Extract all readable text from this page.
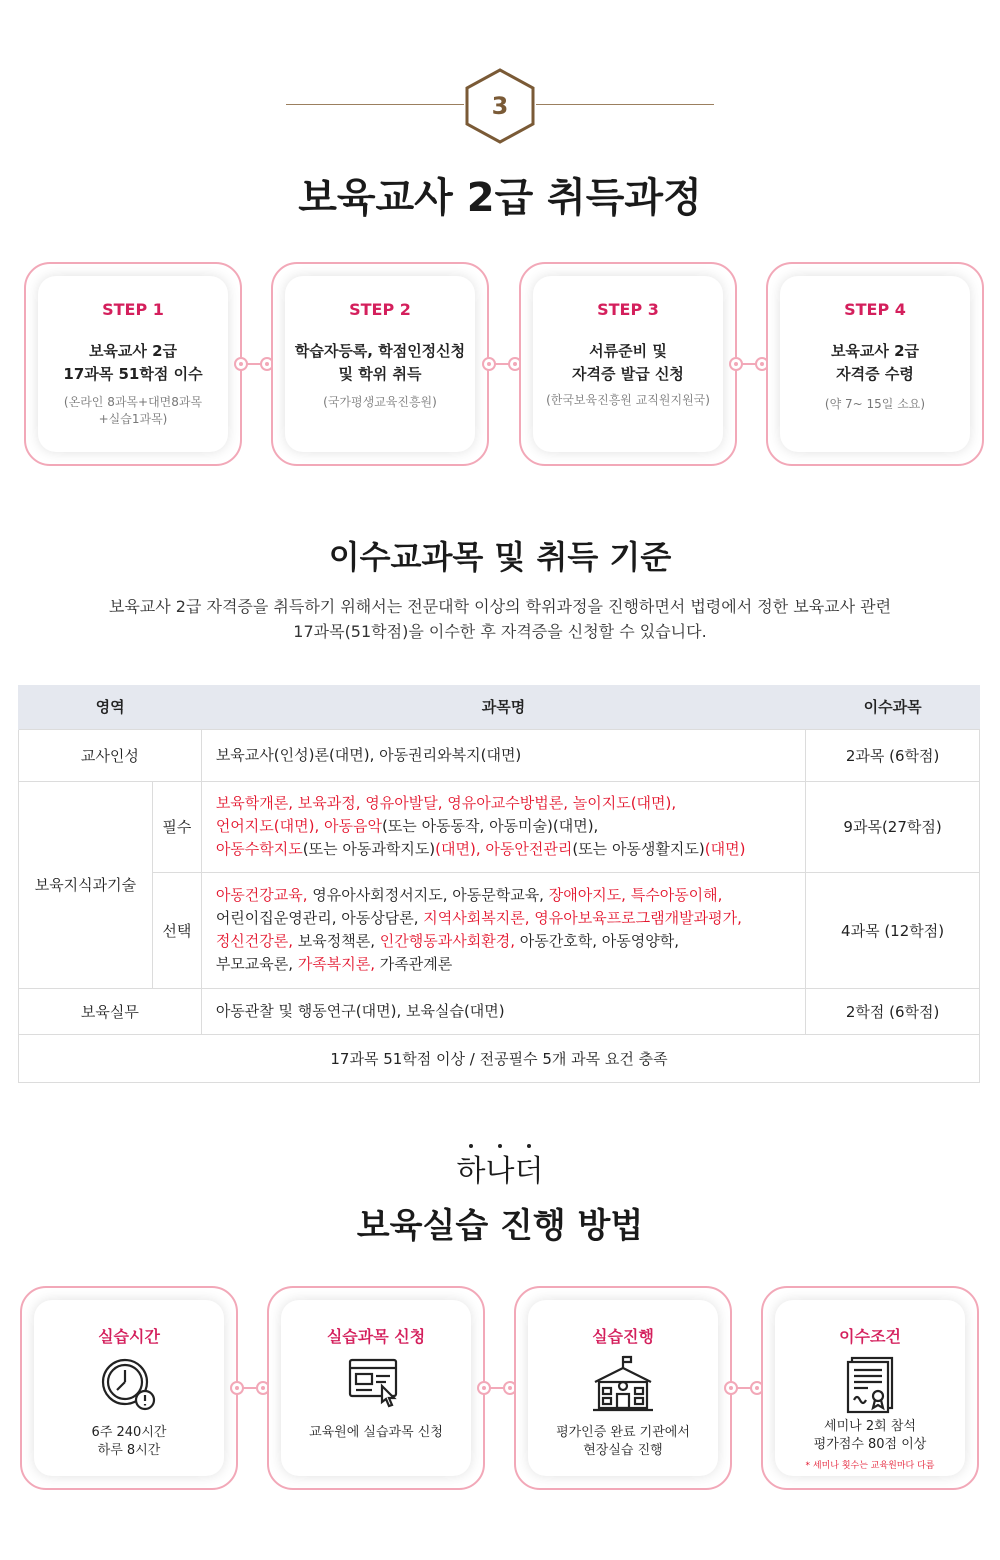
3
보육교사 2급 취득과정
STEP 1
보육교사 2급
17과목 51학점 이수
(온라인 8과목+대면8과목
+실습1과목)
STEP 2
학습자등록, 학점인정신청
및 학위 취득
(국가평생교육진흥원)
STEP 3
서류준비 및
자격증 발급 신청
(한국보육진흥원 교직원지원국)
STEP 4
보육교사 2급
자격증 수령
(약 7~ 15일 소요)
이수교과목 및 취득 기준
보육교사 2급 자격증을 취득하기 위해서는 전문대학 이상의 학위과정을 진행하면서 법령에서 정한 보육교사 관련
17과목(51학점)을 이수한 후 자격증을 신청할 수 있습니다.
영역		과목명	이수과목
교사인성		보육교사(인성)론(대면), 아동권리와복지(대면)	2과목 (6학점)
보육지식과기술	필수	보육학개론, 보육과정, 영유아발달, 영유아교수방법론, 놀이지도(대면),
언어지도(대면), 아동음악(또는 아동동작, 아동미술)(대면),
아동수학지도(또는 아동과학지도)(대면), 아동안전관리(또는 아동생활지도)(대면)	9과목(27학점)
	선택	아동건강교육, 영유아사회정서지도, 아동문학교육, 장애아지도, 특수아동이해,
어린이집운영관리, 아동상담론, 지역사회복지론, 영유아보육프로그램개발과평가,
정신건강론, 보육정책론, 인간행동과사회환경, 아동간호학, 아동영양학,
부모교육론, 가족복지론, 가족관계론	4과목 (12학점)
보육실무		아동관찰 및 행동연구(대면), 보육실습(대면)	2학점 (6학점)
17과목 51학점 이상 / 전공필수 5개 과목 요건 충족			
하나더
보육실습 진행 방법
실습시간
6주 240시간
하루 8시간
실습과목 신청
교육원에 실습과목 신청
실습진행
평가인증 완료 기관에서
현장실습 진행
이수조건
세미나 2회 참석
평가점수 80점 이상
* 세미나 횟수는 교육원마다 다름
